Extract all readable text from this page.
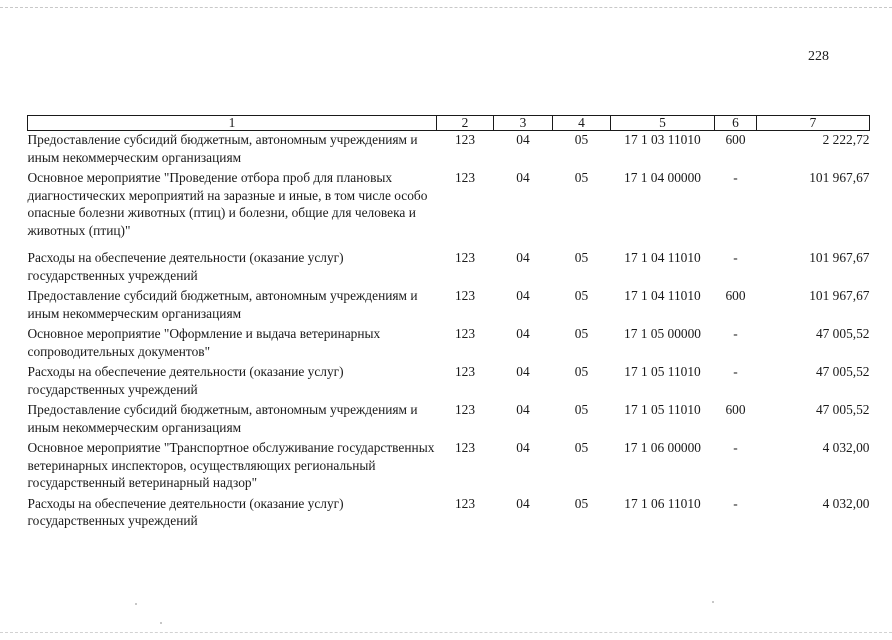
228
1	2	3	4	5	6	7
Предоставление субсидий бюджетным, автономным учреждениям и иным некоммерческим организациям	123	04	05	17 1 03 11010	600	2 222,72
Основное мероприятие "Проведение отбора проб для плановых диагностических мероприятий на заразные и иные, в том числе особо опасные болезни животных (птиц) и болезни, общие для человека и животных (птиц)"	123	04	05	17 1 04 00000	-	101 967,67
Расходы на обеспечение деятельности (оказание услуг) государственных учреждений	123	04	05	17 1 04 11010	-	101 967,67
Предоставление субсидий бюджетным, автономным учреждениям и иным некоммерческим организациям	123	04	05	17 1 04 11010	600	101 967,67
Основное мероприятие "Оформление и выдача ветеринарных сопроводительных документов"	123	04	05	17 1 05 00000	-	47 005,52
Расходы на обеспечение деятельности (оказание услуг) государственных учреждений	123	04	05	17 1 05 11010	-	47 005,52
Предоставление субсидий бюджетным, автономным учреждениям и иным некоммерческим организациям	123	04	05	17 1 05 11010	600	47 005,52
Основное мероприятие "Транспортное обслуживание государственных ветеринарных инспекторов, осуществляющих региональный государственный ветеринарный надзор"	123	04	05	17 1 06 00000	-	4 032,00
Расходы на обеспечение деятельности (оказание услуг) государственных учреждений	123	04	05	17 1 06 11010	-	4 032,00
